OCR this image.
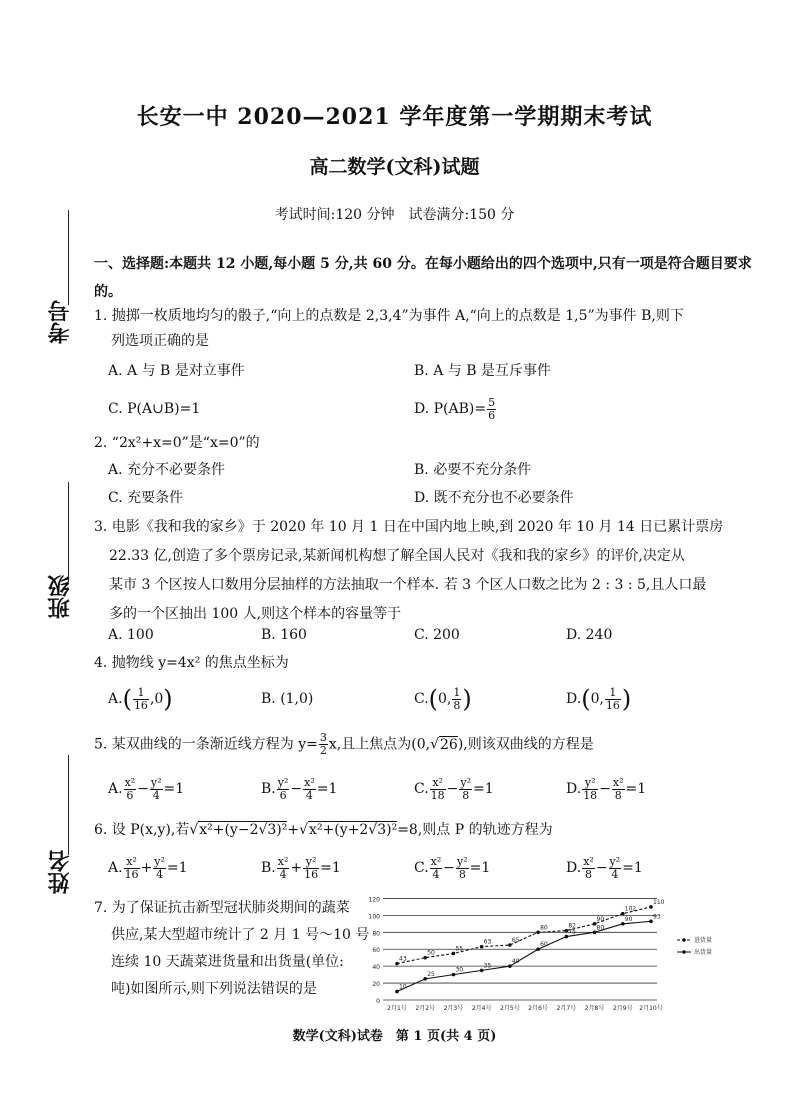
考号
班级
姓名
长安一中 2020—2021 学年度第一学期期末考试
高二数学(文科)试题
考试时间:120 分钟　试卷满分:150 分
一、选择题:本题共 12 小题,每小题 5 分,共 60 分。在每小题给出的四个选项中,只有一项是符合题目要求的。
1. 抛掷一枚质地均匀的骰子,“向上的点数是 2,3,4”为事件 A,“向上的点数是 1,5”为事件 B,则下
列选项正确的是
A. A 与 B 是对立事件	B. A 与 B 是互斥事件
C. P(A∪B)=1	D. $P(AB)= \frac{5}{6}$
2. “2x²+x=0”是“x=0”的
A. 充分不必要条件	B. 必要不充分条件
C. 充要条件	D. 既不充分也不必要条件
3. 电影《我和我的家乡》于 2020 年 10 月 1 日在中国内地上映,到 2020 年 10 月 14 日已累计票房
22.33 亿,创造了多个票房记录,某新闻机构想了解全国人民对《我和我的家乡》的评价,决定从
某市 3 个区按人口数用分层抽样的方法抽取一个样本. 若 3 个区人口数之比为 2 : 3 : 5,且人口最
多的一个区抽出 100 人,则这个样本的容量等于
A. 100	B. 160	C. 200	D. 240
4. 抛物线 y=4x² 的焦点坐标为
$A.( \frac{1}{16} ,0)$	B. (1,0)	C.(0, $\frac{1}{8}$ )	D.(0, $\frac{1}{16}$ )
5. 某双曲线的一条渐近线方程为 $y= \frac{3}{2} x$,且上焦点为(0,√26),则该双曲线的方程是
A. $\frac{\text{x²}}{6} - \frac{\text{y²}}{4} =1$	B. $\frac{\text{y²}}{6} - \frac{\text{x²}}{4} =1$	C. $\frac{\text{x²}}{18} - \frac{\text{y²}}{8} =1$	D. $\frac{\text{y²}}{18} - \frac{\text{x²}}{8} =1$
6. 设 P(x,y),若√x²+(y−2√3)²+√x²+(y+2√3)²=8,则点 P 的轨迹方程为
A. $\frac{\text{x²}}{16} + \frac{\text{y²}}{4} =1$	B. $\frac{\text{x²}}{4} + \frac{\text{y²}}{16} =1$	C. $\frac{\text{x²}}{4} - \frac{\text{y²}}{8} =1$	D. $\frac{\text{x²}}{8} - \frac{\text{y²}}{4} =1$
7. 为了保证抗击新型冠状肺炎期间的蔬菜
供应,某大型超市统计了 2 月 1 号～10 号
连续 10 天蔬菜进货量和出货量(单位:
吨)如图所示,则下列说法错误的是
0
20
40
60
80
100
120
2月1号 2月2号 2月3号 2月4号 2月5号 2月6号 2月7号 2月8号 2月9号 2月10号
43
50
55
63	65
80	82
90
102
110
进货量
10
25
30
35
40
60
75
80
90	93
出货量
数学(文科)试卷　第 1 页(共 4 页)
